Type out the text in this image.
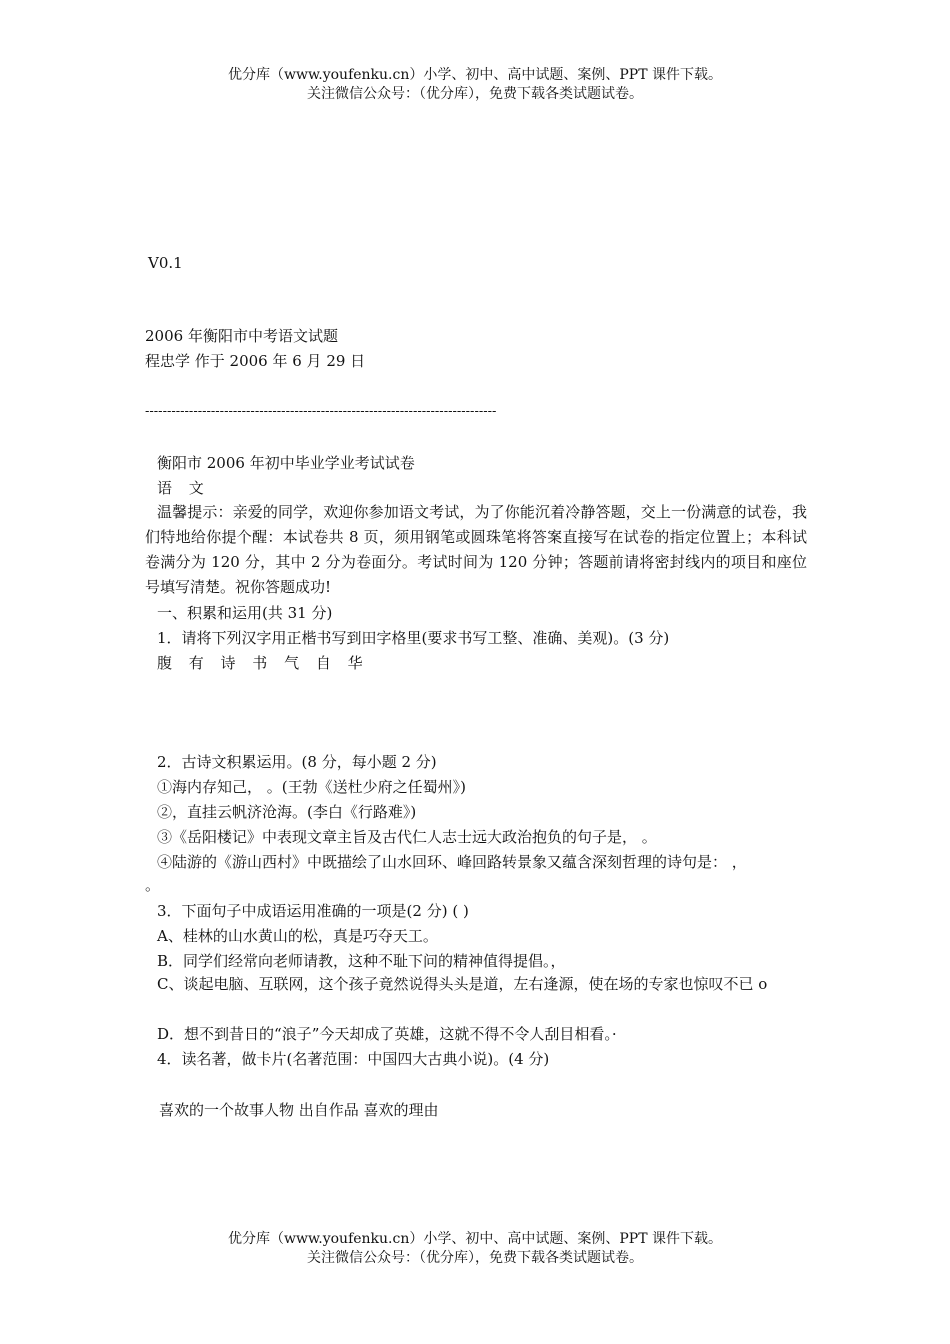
优分库（www.youfenku.cn）小学、初中、高中试题、案例、PPT 课件下载。
关注微信公众号：（优分库），免费下载各类试题试卷。
V0.1
2006 年衡阳市中考语文试题
程忠学 作于 2006 年 6 月 29 日
--------------------------------------------------------------------------------
衡阳市 2006 年初中毕业学业考试试卷
语 文
温馨提示：亲爱的同学，欢迎你参加语文考试，为了你能沉着冷静答题，交上一份满意的试卷，我们特地给你提个醒：本试卷共 8 页，须用钢笔或圆珠笔将答案直接写在试卷的指定位置上；本科试卷满分为 120 分，其中 2 分为卷面分。考试时间为 120 分钟；答题前请将密封线内的项目和座位号填写清楚。祝你答题成功!
一、积累和运用(共 31 分)
1．请将下列汉字用正楷书写到田字格里(要求书写工整、准确、美观)。(3 分)
腹 有 诗 书 气 自 华
2．古诗文积累运用。(8 分，每小题 2 分)
①海内存知己， 。(王勃《送杜少府之任蜀州》)
②，直挂云帆济沧海。(李白《行路难》)
③《岳阳楼记》中表现文章主旨及古代仁人志士远大政治抱负的句子是， 。
④陆游的《游山西村》中既描绘了山水回环、峰回路转景象又蕴含深刻哲理的诗句是： ，
。
3．下面句子中成语运用准确的一项是(2 分) ( )
A、桂林的山水黄山的松，真是巧夺天工。
B．同学们经常向老师请教，这种不耻下问的精神值得提倡。，
C、谈起电脑、互联网，这个孩子竟然说得头头是道，左右逢源，使在场的专家也惊叹不已 o
D．想不到昔日的“浪子”今天却成了英雄，这就不得不令人刮目相看。·
4．读名著，做卡片(名著范围：中国四大古典小说)。(4 分)
喜欢的一个故事人物 出自作品 喜欢的理由
优分库（www.youfenku.cn）小学、初中、高中试题、案例、PPT 课件下载。
关注微信公众号：（优分库），免费下载各类试题试卷。
